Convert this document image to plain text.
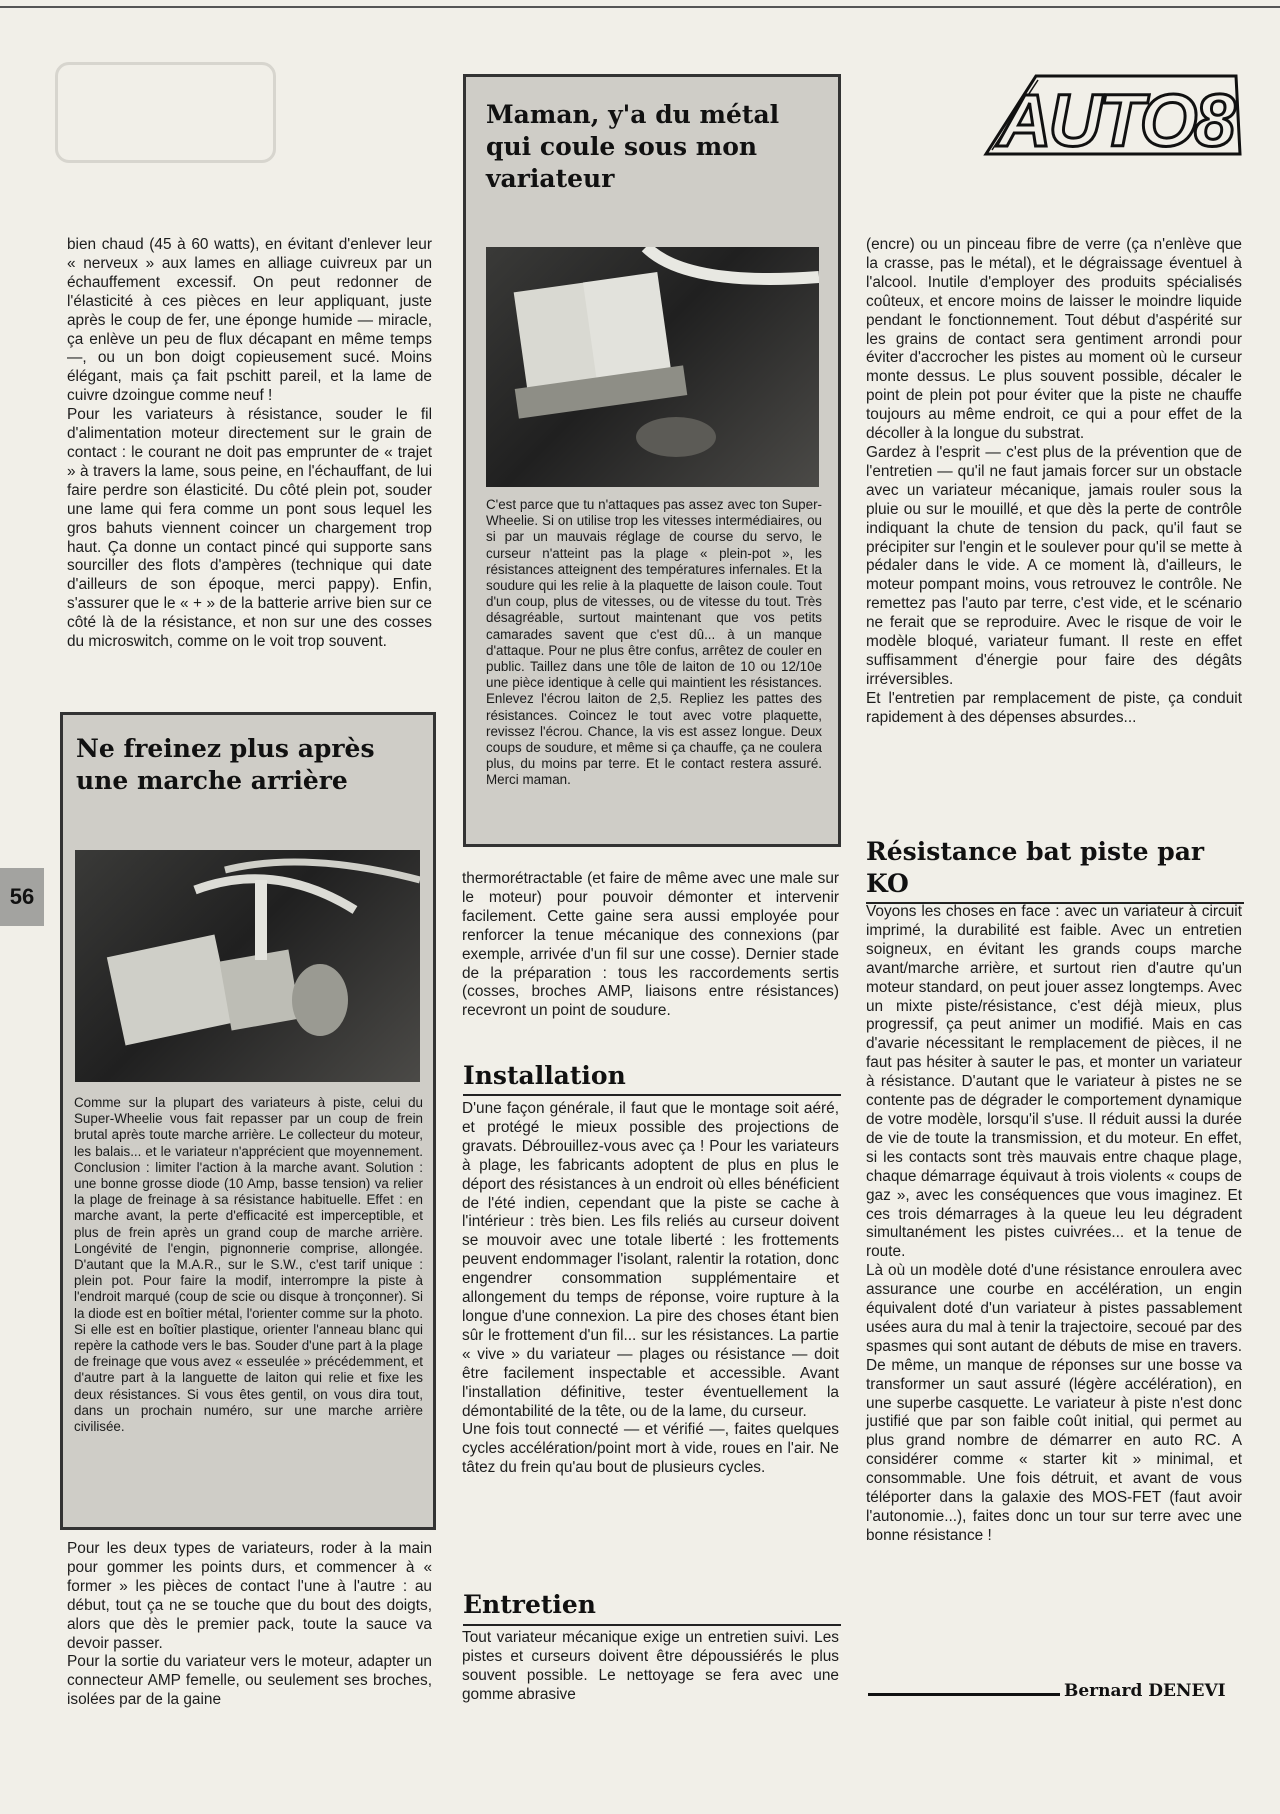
AUTO8
56

bien chaud (45 à 60 watts), en évitant d'enlever leur « nerveux » aux lames en alliage cuivreux par un échauffement excessif. On peut redonner de l'élasticité à ces pièces en leur appliquant, juste après le coup de fer, une éponge humide — miracle, ça enlève un peu de flux décapant en même temps —, ou un bon doigt copieusement sucé. Moins élégant, mais ça fait pschitt pareil, et la lame de cuivre dzoingue comme neuf !

Pour les variateurs à résistance, souder le fil d'alimentation moteur directement sur le grain de contact : le courant ne doit pas emprunter de « trajet » à travers la lame, sous peine, en l'échauffant, de lui faire perdre son élasticité. Du côté plein pot, souder une lame qui fera comme un pont sous lequel les gros bahuts viennent coincer un chargement trop haut. Ça donne un contact pincé qui supporte sans sourciller des flots d'ampères (technique qui date d'ailleurs de son époque, merci pappy). Enfin, s'assurer que le « + » de la batterie arrive bien sur ce côté là de la résistance, et non sur une des cosses du microswitch, comme on le voit trop souvent.

Ne freinez plus après une marche arrière

Comme sur la plupart des variateurs à piste, celui du Super-Wheelie vous fait repasser par un coup de frein brutal après toute marche arrière. Le collecteur du moteur, les balais... et le variateur n'apprécient que moyennement. Conclusion : limiter l'action à la marche avant. Solution : une bonne grosse diode (10 Amp, basse tension) va relier la plage de freinage à sa résistance habituelle. Effet : en marche avant, la perte d'efficacité est imperceptible, et plus de frein après un grand coup de marche arrière. Longévité de l'engin, pignonnerie comprise, allongée. D'autant que la M.A.R., sur le S.W., c'est tarif unique : plein pot. Pour faire la modif, interrompre la piste à l'endroit marqué (coup de scie ou disque à tronçonner). Si la diode est en boîtier métal, l'orienter comme sur la photo. Si elle est en boîtier plastique, orienter l'anneau blanc qui repère la cathode vers le bas. Souder d'une part à la plage de freinage que vous avez « esseulée » précédemment, et d'autre part à la languette de laiton qui relie et fixe les deux résistances. Si vous êtes gentil, on vous dira tout, dans un prochain numéro, sur une marche arrière civilisée.

Pour les deux types de variateurs, roder à la main pour gommer les points durs, et commencer à « former » les pièces de contact l'une à l'autre : au début, tout ça ne se touche que du bout des doigts, alors que dès le premier pack, toute la sauce va devoir passer.

Pour la sortie du variateur vers le moteur, adapter un connecteur AMP femelle, ou seulement ses broches, isolées par de la gaine

Maman, y'a du métal qui coule sous mon variateur

C'est parce que tu n'attaques pas assez avec ton Super-Wheelie. Si on utilise trop les vitesses intermédiaires, ou si par un mauvais réglage de course du servo, le curseur n'atteint pas la plage « plein-pot », les résistances atteignent des températures infernales. Et la soudure qui les relie à la plaquette de laison coule. Tout d'un coup, plus de vitesses, ou de vitesse du tout. Très désagréable, surtout maintenant que vos petits camarades savent que c'est dû... à un manque d'attaque. Pour ne plus être confus, arrêtez de couler en public. Taillez dans une tôle de laiton de 10 ou 12/10e une pièce identique à celle qui maintient les résistances. Enlevez l'écrou laiton de 2,5. Repliez les pattes des résistances. Coincez le tout avec votre plaquette, revissez l'écrou. Chance, la vis est assez longue. Deux coups de soudure, et même si ça chauffe, ça ne coulera plus, du moins par terre. Et le contact restera assuré. Merci maman.

thermorétractable (et faire de même avec une male sur le moteur) pour pouvoir démonter et intervenir facilement. Cette gaine sera aussi employée pour renforcer la tenue mécanique des connexions (par exemple, arrivée d'un fil sur une cosse). Dernier stade de la préparation : tous les raccordements sertis (cosses, broches AMP, liaisons entre résistances) recevront un point de soudure.

Installation

D'une façon générale, il faut que le montage soit aéré, et protégé le mieux possible des projections de gravats. Débrouillez-vous avec ça ! Pour les variateurs à plage, les fabricants adoptent de plus en plus le déport des résistances à un endroit où elles bénéficient de l'été indien, cependant que la piste se cache à l'intérieur : très bien. Les fils reliés au curseur doivent se mouvoir avec une totale liberté : les frottements peuvent endommager l'isolant, ralentir la rotation, donc engendrer consommation supplémentaire et allongement du temps de réponse, voire rupture à la longue d'une connexion. La pire des choses étant bien sûr le frottement d'un fil... sur les résistances. La partie « vive » du variateur — plages ou résistance — doit être facilement inspectable et accessible. Avant l'installation définitive, tester éventuellement la démontabilité de la tête, ou de la lame, du curseur.

Une fois tout connecté — et vérifié —, faites quelques cycles accélération/point mort à vide, roues en l'air. Ne tâtez du frein qu'au bout de plusieurs cycles.

Entretien

Tout variateur mécanique exige un entretien suivi. Les pistes et curseurs doivent être dépoussiérés le plus souvent possible. Le nettoyage se fera avec une gomme abrasive

(encre) ou un pinceau fibre de verre (ça n'enlève que la crasse, pas le métal), et le dégraissage éventuel à l'alcool. Inutile d'employer des produits spécialisés coûteux, et encore moins de laisser le moindre liquide pendant le fonctionnement. Tout début d'aspérité sur les grains de contact sera gentiment arrondi pour éviter d'accrocher les pistes au moment où le curseur monte dessus. Le plus souvent possible, décaler le point de plein pot pour éviter que la piste ne chauffe toujours au même endroit, ce qui a pour effet de la décoller à la longue du substrat.

Gardez à l'esprit — c'est plus de la prévention que de l'entretien — qu'il ne faut jamais forcer sur un obstacle avec un variateur mécanique, jamais rouler sous la pluie ou sur le mouillé, et que dès la perte de contrôle indiquant la chute de tension du pack, qu'il faut se précipiter sur l'engin et le soulever pour qu'il se mette à pédaler dans le vide. A ce moment là, d'ailleurs, le moteur pompant moins, vous retrouvez le contrôle. Ne remettez pas l'auto par terre, c'est vide, et le scénario ne ferait que se reproduire. Avec le risque de voir le modèle bloqué, variateur fumant. Il reste en effet suffisamment d'énergie pour faire des dégâts irréversibles.

Et l'entretien par remplacement de piste, ça conduit rapidement à des dépenses absurdes...

Résistance bat piste par KO

Voyons les choses en face : avec un variateur à circuit imprimé, la durabilité est faible. Avec un entretien soigneux, en évitant les grands coups marche avant/marche arrière, et surtout rien d'autre qu'un moteur standard, on peut jouer assez longtemps. Avec un mixte piste/résistance, c'est déjà mieux, plus progressif, ça peut animer un modifié. Mais en cas d'avarie nécessitant le remplacement de pièces, il ne faut pas hésiter à sauter le pas, et monter un variateur à résistance. D'autant que le variateur à pistes ne se contente pas de dégrader le comportement dynamique de votre modèle, lorsqu'il s'use. Il réduit aussi la durée de vie de toute la transmission, et du moteur. En effet, si les contacts sont très mauvais entre chaque plage, chaque démarrage équivaut à trois violents « coups de gaz », avec les conséquences que vous imaginez. Et ces trois démarrages à la queue leu leu dégradent simultanément les pistes cuivrées... et la tenue de route.

Là où un modèle doté d'une résistance enroulera avec assurance une courbe en accélération, un engin équivalent doté d'un variateur à pistes passablement usées aura du mal à tenir la trajectoire, secoué par des spasmes qui sont autant de débuts de mise en travers. De même, un manque de réponses sur une bosse va transformer un saut assuré (légère accélération), en une superbe casquette. Le variateur à piste n'est donc justifié que par son faible coût initial, qui permet au plus grand nombre de démarrer en auto RC. A considérer comme « starter kit » minimal, et consommable. Une fois détruit, et avant de vous téléporter dans la galaxie des MOS-FET (faut avoir l'autonomie...), faites donc un tour sur terre avec une bonne résistance !

Bernard DENEVI
